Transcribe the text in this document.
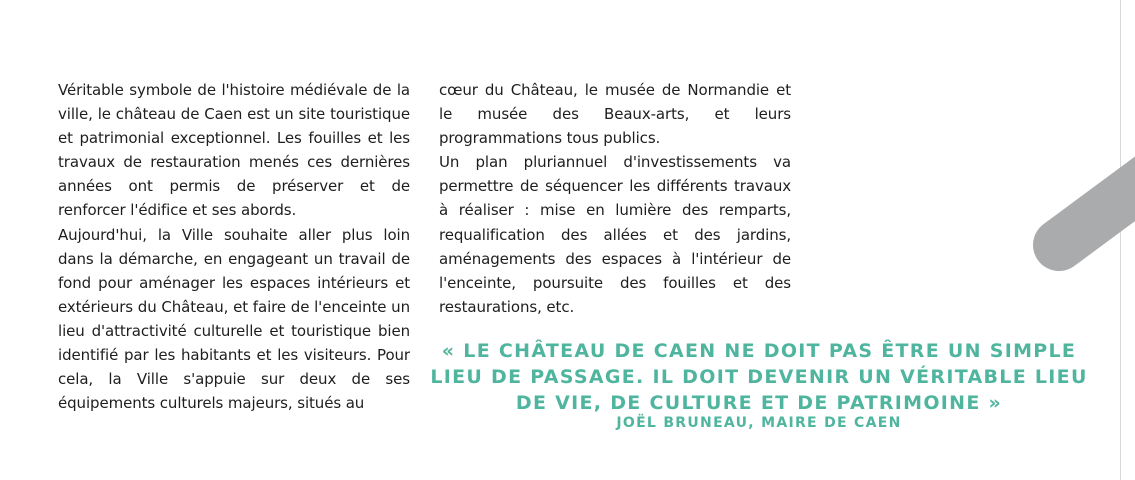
Véritable symbole de l'histoire médiévale de la ville, le château de Caen est un site touristique et patrimonial exceptionnel. Les fouilles et les travaux de restauration menés ces dernières années ont permis de préserver et de renforcer l'édifice et ses abords.

Aujourd'hui, la Ville souhaite aller plus loin dans la démarche, en engageant un travail de fond pour aménager les espaces intérieurs et extérieurs du Château, et faire de l'enceinte un lieu d'attractivité culturelle et touristique bien identifié par les habitants et les visiteurs. Pour cela, la Ville s'appuie sur deux de ses équipements culturels majeurs, situés au

cœur du Château, le musée de Normandie et le musée des Beaux-arts, et leurs programmations tous publics.

Un plan pluriannuel d'investissements va permettre de séquencer les différents travaux à réaliser : mise en lumière des remparts, requalification des allées et des jardins, aménagements des espaces à l'intérieur de l'enceinte, poursuite des fouilles et des restaurations, etc.

« LE CHÂTEAU DE CAEN NE DOIT PAS ÊTRE UN SIMPLE LIEU DE PASSAGE. IL DOIT DEVENIR UN VÉRITABLE LIEU DE VIE, DE CULTURE ET DE PATRIMOINE »
JOËL BRUNEAU, MAIRE DE CAEN
